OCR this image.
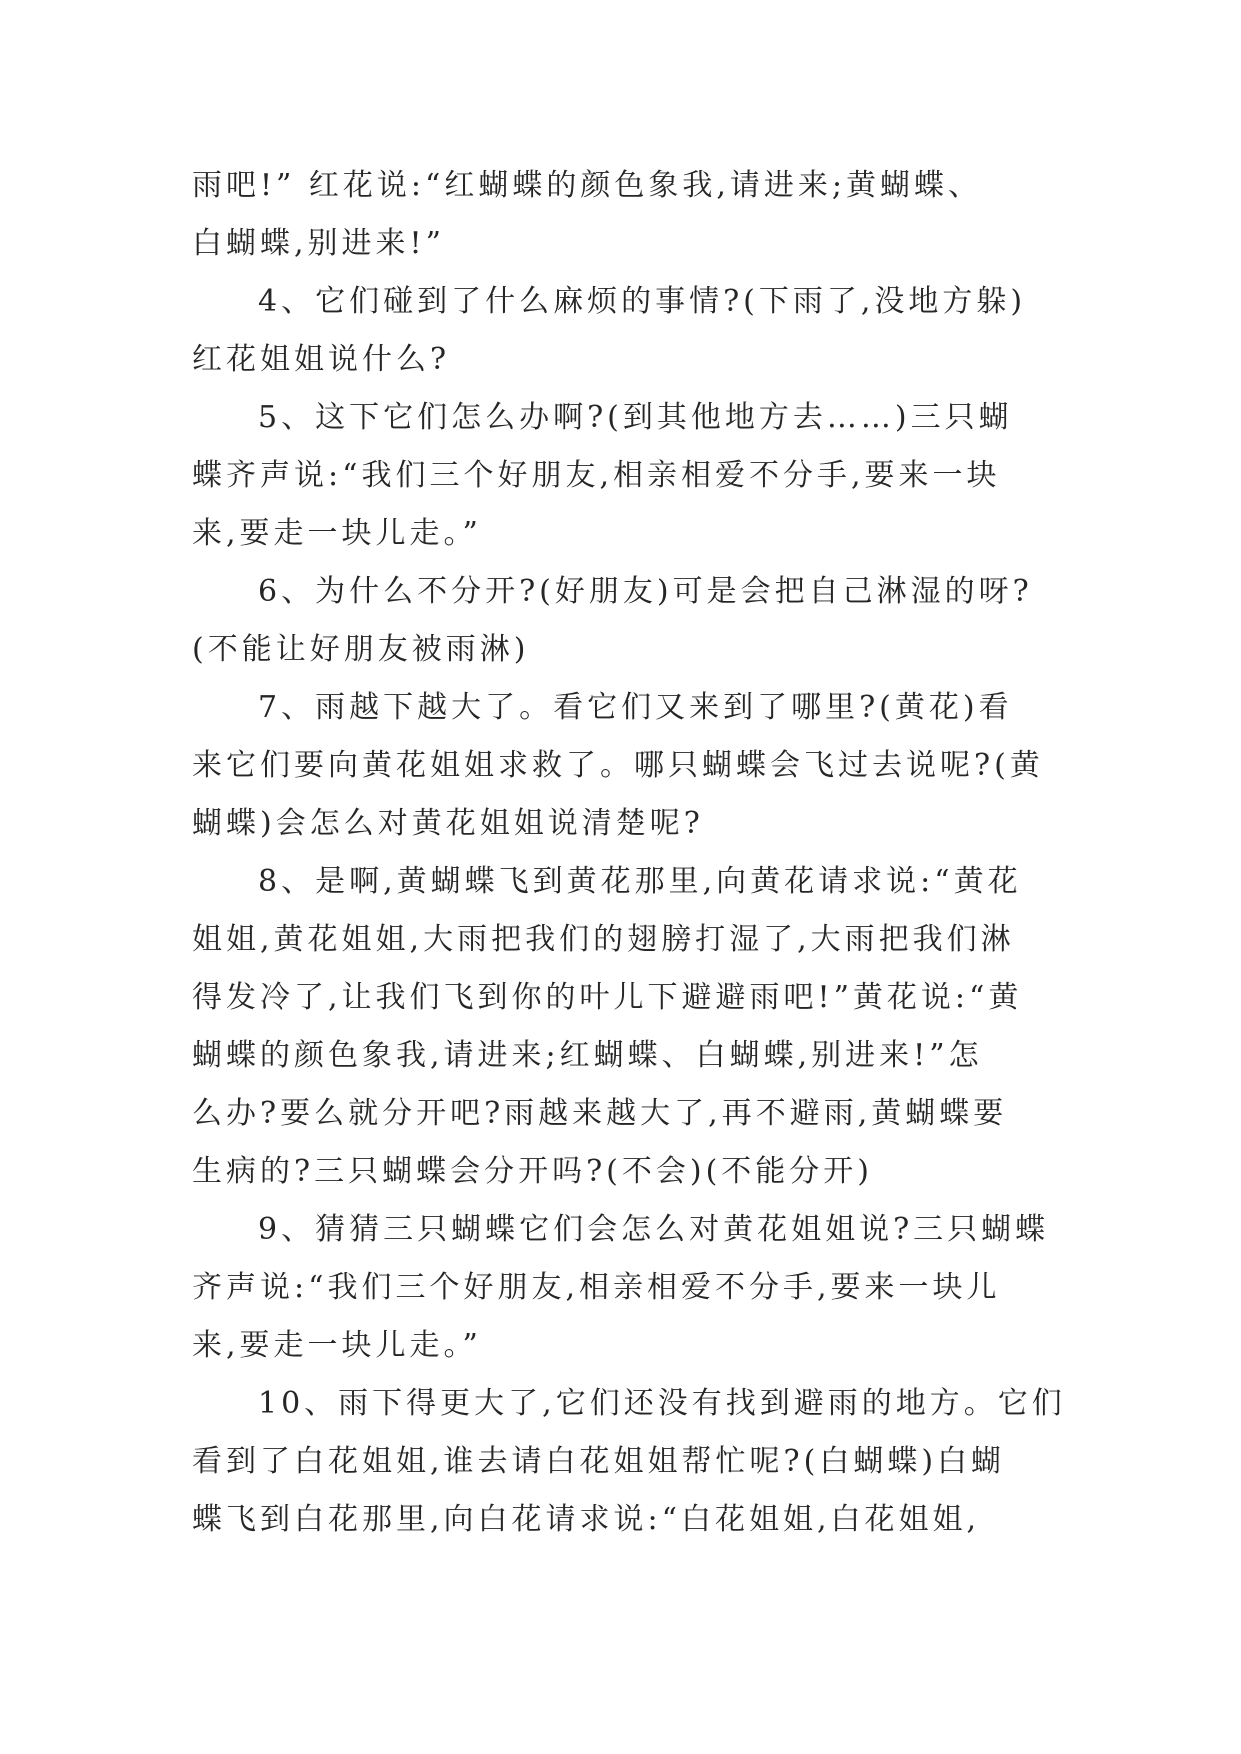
雨吧!” 红花说:“红蝴蝶的颜色象我,请进来;黄蝴蝶、
白蝴蝶,别进来!”
4、它们碰到了什么麻烦的事情?(下雨了,没地方躲)
红花姐姐说什么?
5、这下它们怎么办啊?(到其他地方去……)三只蝴
蝶齐声说:“我们三个好朋友,相亲相爱不分手,要来一块
来,要走一块儿走。”
6、为什么不分开?(好朋友)可是会把自己淋湿的呀?
(不能让好朋友被雨淋)
7、雨越下越大了。看它们又来到了哪里?(黄花)看
来它们要向黄花姐姐求救了。哪只蝴蝶会飞过去说呢?(黄
蝴蝶)会怎么对黄花姐姐说清楚呢?
8、是啊,黄蝴蝶飞到黄花那里,向黄花请求说:“黄花
姐姐,黄花姐姐,大雨把我们的翅膀打湿了,大雨把我们淋
得发冷了,让我们飞到你的叶儿下避避雨吧!”黄花说:“黄
蝴蝶的颜色象我,请进来;红蝴蝶、白蝴蝶,别进来!”怎
么办?要么就分开吧?雨越来越大了,再不避雨,黄蝴蝶要
生病的?三只蝴蝶会分开吗?(不会)(不能分开)
9、猜猜三只蝴蝶它们会怎么对黄花姐姐说?三只蝴蝶
齐声说:“我们三个好朋友,相亲相爱不分手,要来一块儿
来,要走一块儿走。”
10、雨下得更大了,它们还没有找到避雨的地方。它们
看到了白花姐姐,谁去请白花姐姐帮忙呢?(白蝴蝶)白蝴
蝶飞到白花那里,向白花请求说:“白花姐姐,白花姐姐,
